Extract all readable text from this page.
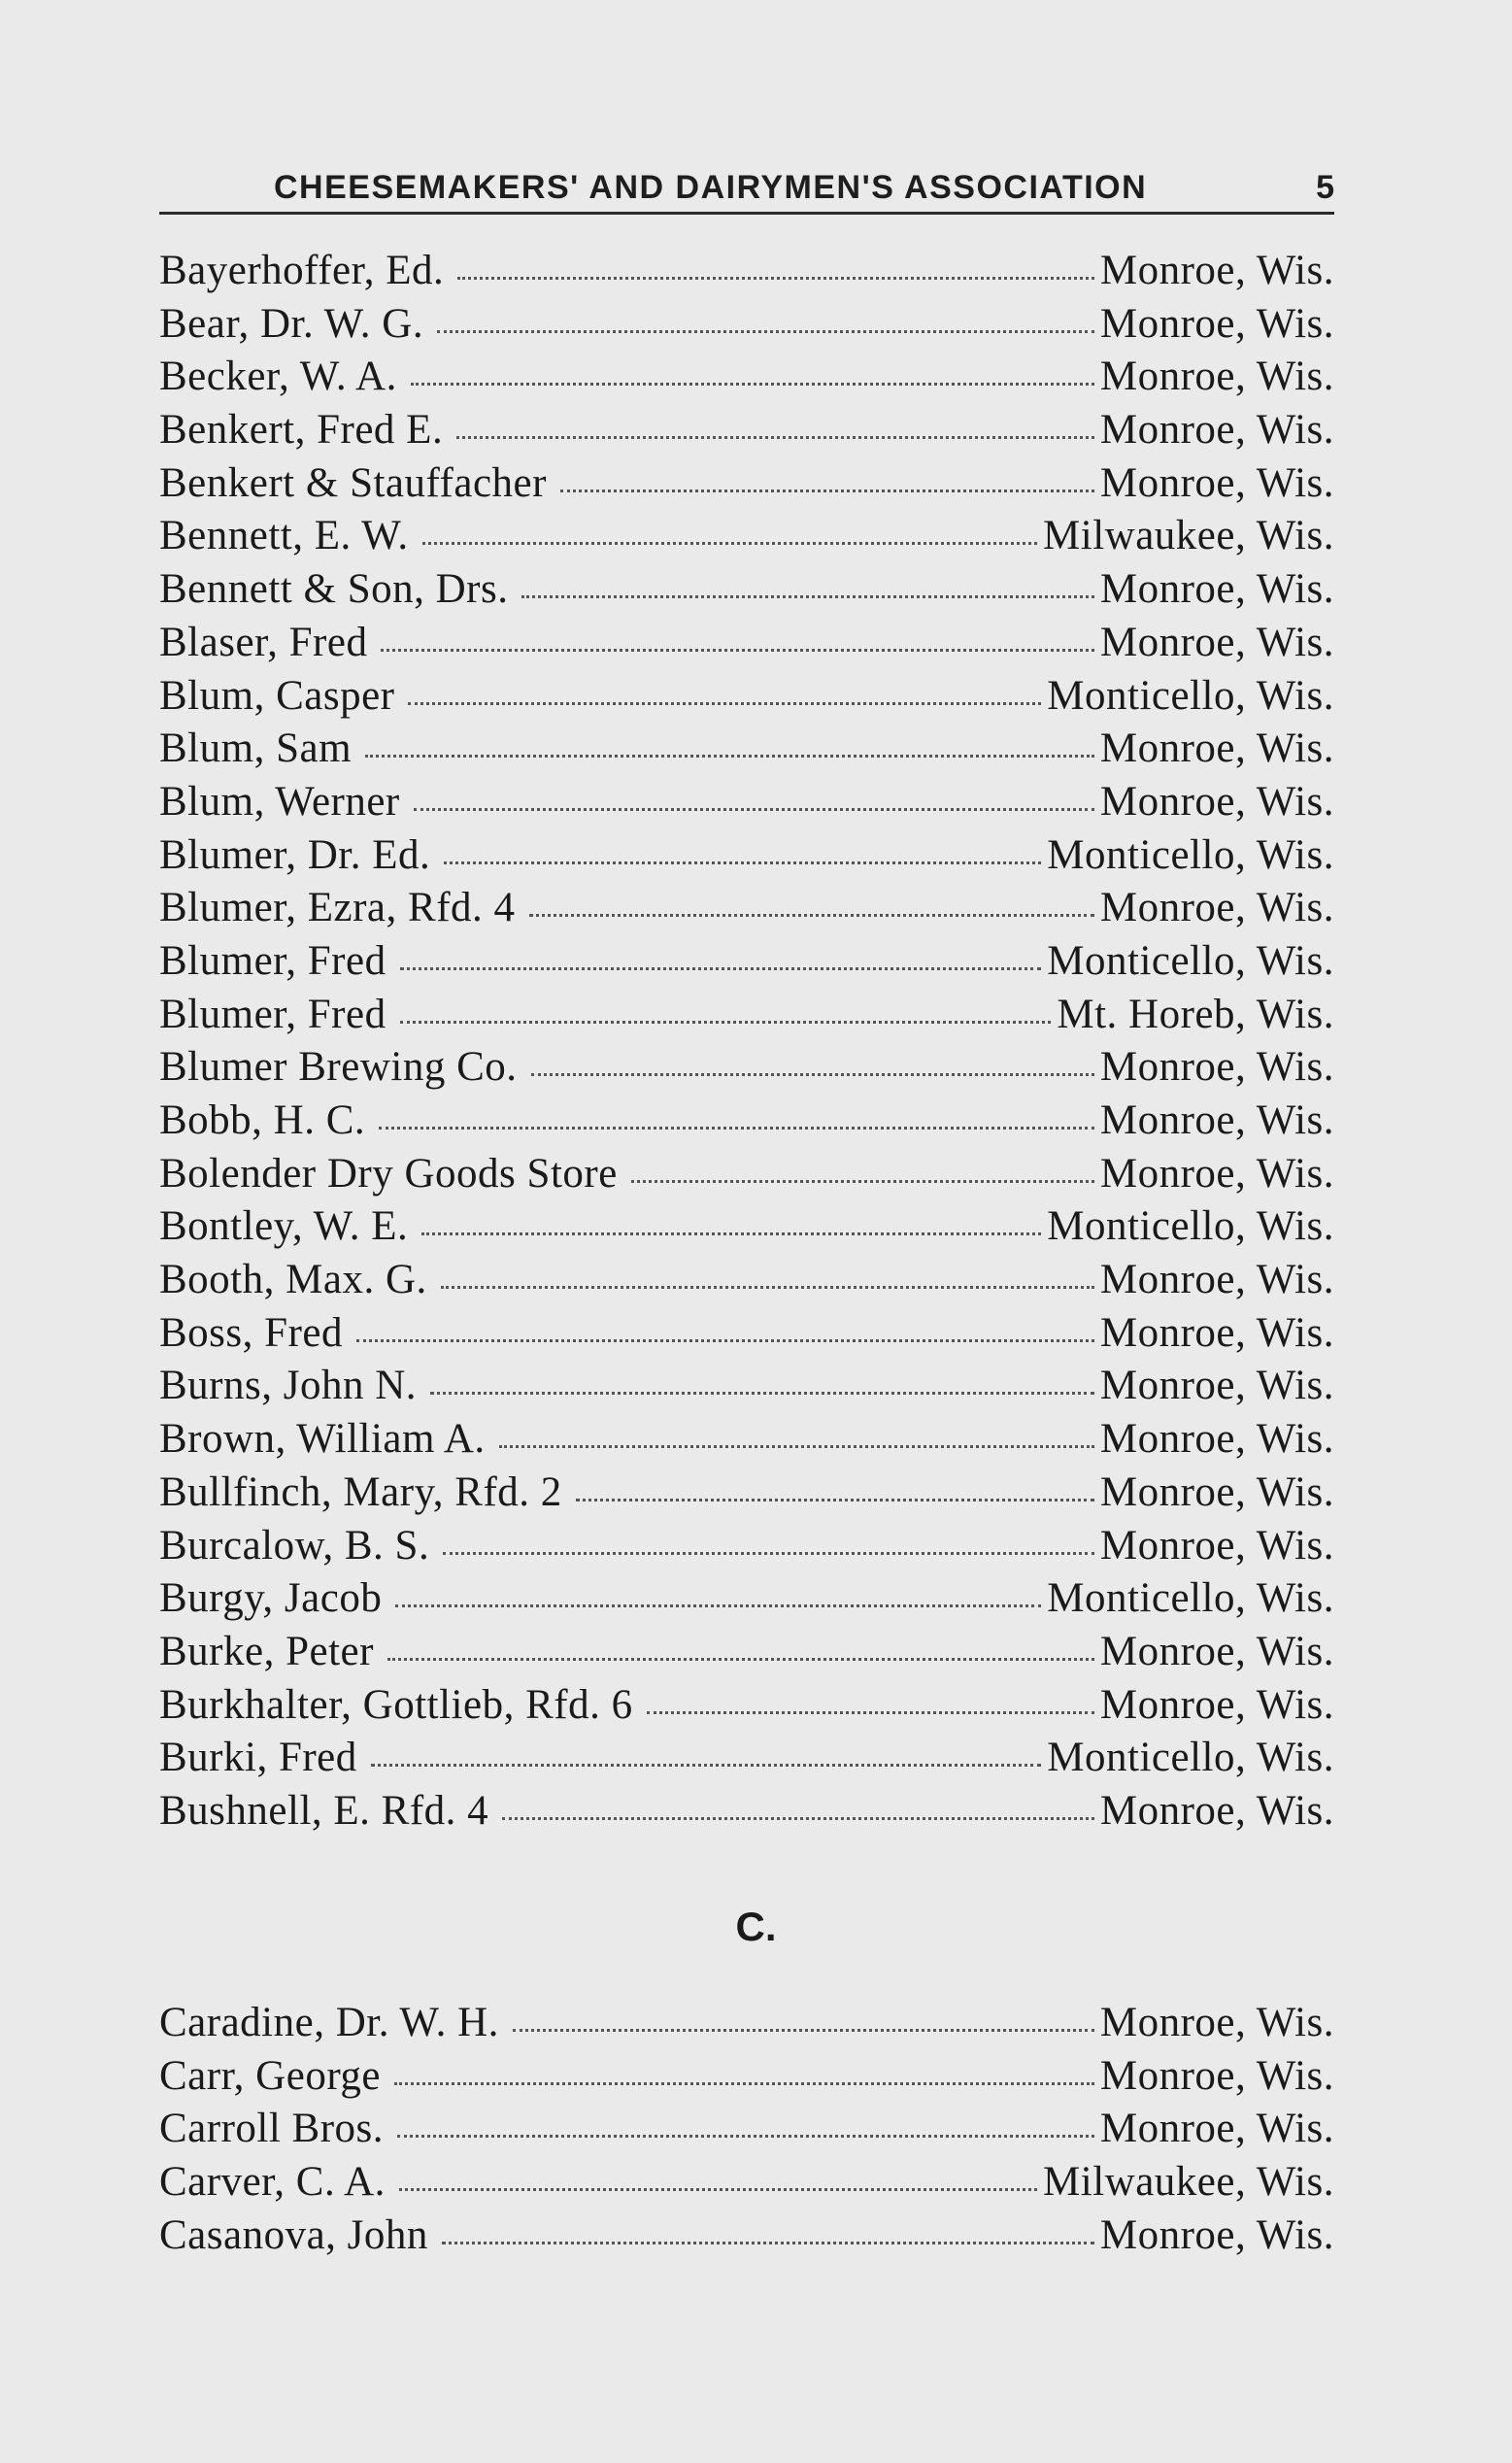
CHEESEMAKERS' AND DAIRYMEN'S ASSOCIATION	5
Bayerhoffer, Ed.	Monroe, Wis.
Bear, Dr. W. G.	Monroe, Wis.
Becker, W. A.	Monroe, Wis.
Benkert, Fred E.	Monroe, Wis.
Benkert & Stauffacher	Monroe, Wis.
Bennett, E. W.	Milwaukee, Wis.
Bennett & Son, Drs.	Monroe, Wis.
Blaser, Fred	Monroe, Wis.
Blum, Casper	Monticello, Wis.
Blum, Sam	Monroe, Wis.
Blum, Werner	Monroe, Wis.
Blumer, Dr. Ed.	Monticello, Wis.
Blumer, Ezra, Rfd. 4	Monroe, Wis.
Blumer, Fred	Monticello, Wis.
Blumer, Fred	Mt. Horeb, Wis.
Blumer Brewing Co.	Monroe, Wis.
Bobb, H. C.	Monroe, Wis.
Bolender Dry Goods Store	Monroe, Wis.
Bontley, W. E.	Monticello, Wis.
Booth, Max. G.	Monroe, Wis.
Boss, Fred	Monroe, Wis.
Burns, John N.	Monroe, Wis.
Brown, William A.	Monroe, Wis.
Bullfinch, Mary, Rfd. 2	Monroe, Wis.
Burcalow, B. S.	Monroe, Wis.
Burgy, Jacob	Monticello, Wis.
Burke, Peter	Monroe, Wis.
Burkhalter, Gottlieb, Rfd. 6	Monroe, Wis.
Burki, Fred	Monticello, Wis.
Bushnell, E. Rfd. 4	Monroe, Wis.
C.
Caradine, Dr. W. H.	Monroe, Wis.
Carr, George	Monroe, Wis.
Carroll Bros.	Monroe, Wis.
Carver, C. A.	Milwaukee, Wis.
Casanova, John	Monroe, Wis.
